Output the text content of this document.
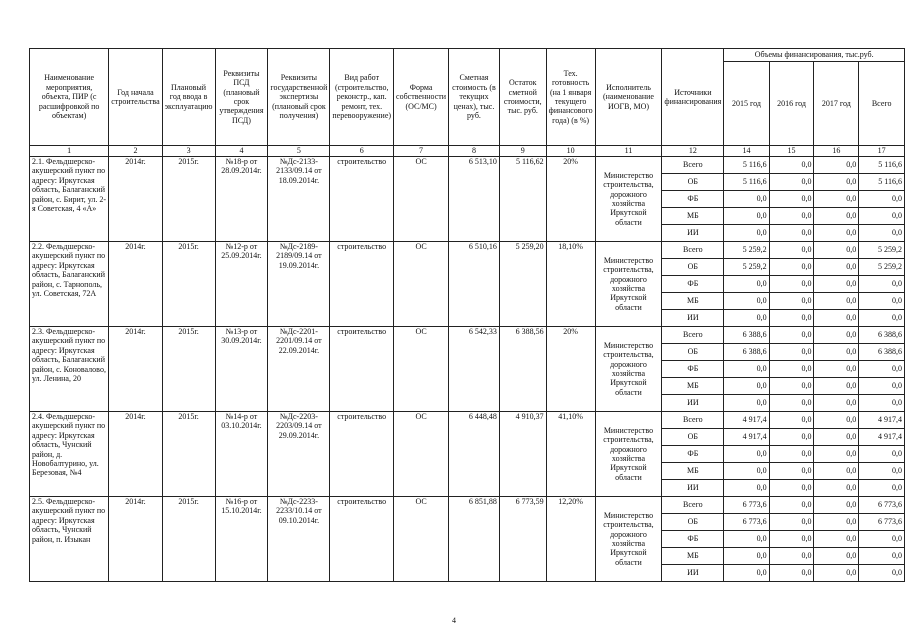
Наименование мероприятия, объекта, ПИР (с расшифровкой по объектам)	Год начала строительства	Плановый год ввода в эксплуатацию	Реквизиты ПСД (плановый срок утверждения ПСД)	Реквизиты государственной экспертизы (плановый срок получения)	Вид работ (строительство, реконстр., кап. ремонт, тех. перевооружение)	Форма собственности (ОС/МС)	Сметная стоимость (в текущих ценах), тыс. руб.	Остаток сметной стоимости, тыс. руб.	Тех. готовность (на 1 января текущего финансового года) (в %)	Исполнитель (наименование ИОГВ, МО)	Источники финансирования	Объемы финансирования, тыс.руб.			
												2015 год	2016 год	2017 год	Всего
1	2	3	4	5	6	7	8	9	10	11	12	14	15	16	17
2.1. Фельдшерско-акушерский пункт по адресу: Иркутская область, Балаганский район, с. Бирит, ул. 2-я Советская, 4 «А»	2014г.	2015г.	№18-р от 28.09.2014г.	№Дс-2133-2133/09.14 от 18.09.2014г.	строительство	ОС	6 513,10	5 116,62	20%	Министерство строительства, дорожного хозяйства Иркутской области	Всего	5 116,6	0,0	0,0	5 116,6
											ОБ	5 116,6	0,0	0,0	5 116,6
											ФБ	0,0	0,0	0,0	0,0
											МБ	0,0	0,0	0,0	0,0
											ИИ	0,0	0,0	0,0	0,0
2.2. Фельдшерско-акушерский пункт по адресу: Иркутская область, Балаганский район, с. Тарнополь, ул. Советская, 72А	2014г.	2015г.	№12-р от 25.09.2014г.	№Дс-2189-2189/09.14 от 19.09.2014г.	строительство	ОС	6 510,16	5 259,20	18,10%	Министерство строительства, дорожного хозяйства Иркутской области	Всего	5 259,2	0,0	0,0	5 259,2
											ОБ	5 259,2	0,0	0,0	5 259,2
											ФБ	0,0	0,0	0,0	0,0
											МБ	0,0	0,0	0,0	0,0
											ИИ	0,0	0,0	0,0	0,0
2.3. Фельдшерско-акушерский пункт по адресу: Иркутская область, Балаганский район, с. Коноваловo, ул. Ленина, 20	2014г.	2015г.	№13-р от 30.09.2014г.	№Дс-2201-2201/09.14 от 22.09.2014г.	строительство	ОС	6 542,33	6 388,56	20%	Министерство строительства, дорожного хозяйства Иркутской области	Всего	6 388,6	0,0	0,0	6 388,6
											ОБ	6 388,6	0,0	0,0	6 388,6
											ФБ	0,0	0,0	0,0	0,0
											МБ	0,0	0,0	0,0	0,0
											ИИ	0,0	0,0	0,0	0,0
2.4. Фельдшерско-акушерский пункт по адресу: Иркутская область, Чунский район, д. Новобалтурино, ул. Березовая, №4	2014г.	2015г.	№14-р от 03.10.2014г.	№Дс-2203-2203/09.14 от 29.09.2014г.	строительство	ОС	6 448,48	4 910,37	41,10%	Министерство строительства, дорожного хозяйства Иркутской области	Всего	4 917,4	0,0	0,0	4 917,4
											ОБ	4 917,4	0,0	0,0	4 917,4
											ФБ	0,0	0,0	0,0	0,0
											МБ	0,0	0,0	0,0	0,0
											ИИ	0,0	0,0	0,0	0,0
2.5. Фельдшерско-акушерский пункт по адресу: Иркутская область, Чунский район, п. Изыкан	2014г.	2015г.	№16-р от 15.10.2014г.	№Дс-2233-2233/10.14 от 09.10.2014г.	строительство	ОС	6 851,88	6 773,59	12,20%	Министерство строительства, дорожного хозяйства Иркутской области	Всего	6 773,6	0,0	0,0	6 773,6
											ОБ	6 773,6	0,0	0,0	6 773,6
											ФБ	0,0	0,0	0,0	0,0
											МБ	0,0	0,0	0,0	0,0
											ИИ	0,0	0,0	0,0	0,0
4
